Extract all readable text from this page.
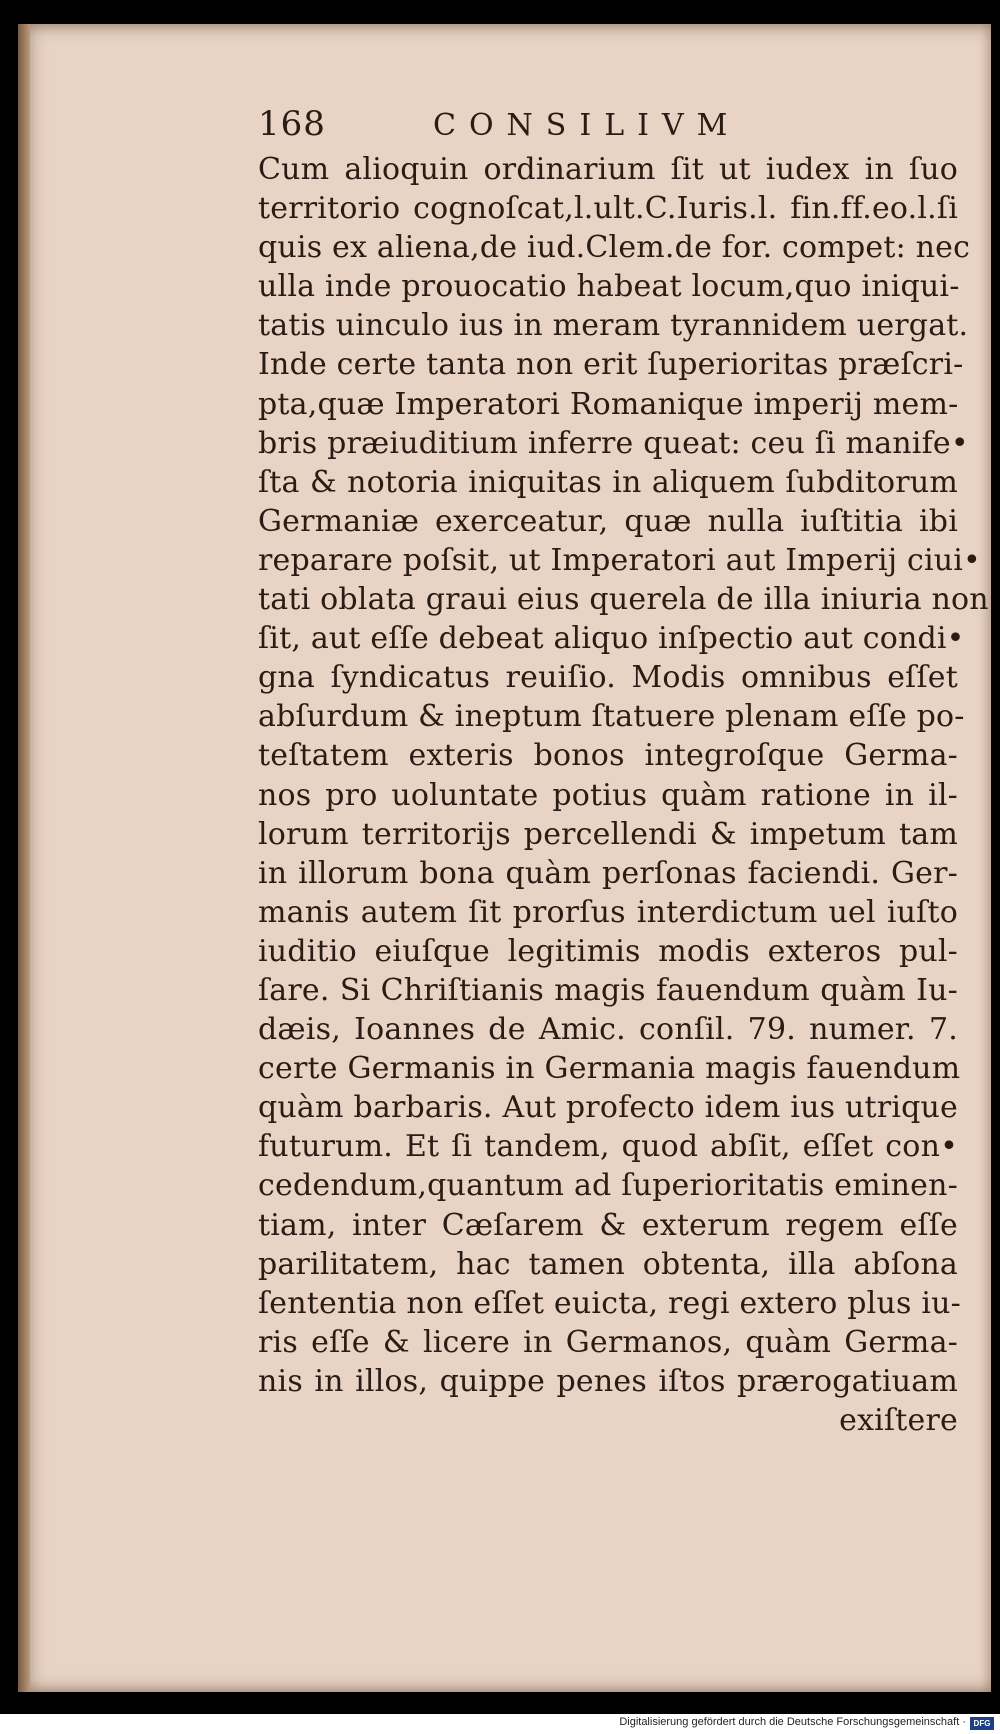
168	CONSILIVM
Cum alioquin ordinarium ſit ut iudex in ſuo
territorio cognoſcat,l.ult.C.Iuris.l. fin.ff.eo.l.ſi
quis ex aliena,de iud.Clem.de for. compet: nec
ulla inde prouocatio habeat locum,quo iniqui-
tatis uinculo ius in meram tyrannidem uergat.
Inde certe tanta non erit ſuperioritas præſcri-
pta,quæ Imperatori Romanique imperij mem-
bris præiuditium inferre queat: ceu ſi manife•
ſta & notoria iniquitas in aliquem ſubditorum
Germaniæ exerceatur, quæ nulla iuſtitia ibi
reparare poſsit, ut Imperatori aut Imperij ciui•
tati oblata graui eius querela de illa iniuria non
ſit, aut eſſe debeat aliquo inſpectio aut condi•
gna ſyndicatus reuiſio. Modis omnibus eſſet
abſurdum & ineptum ſtatuere plenam eſſe po-
teſtatem exteris bonos integroſque Germa-
nos pro uoluntate potius quàm ratione in il-
lorum territorijs percellendi & impetum tam
in illorum bona quàm perſonas faciendi. Ger-
manis autem ſit prorſus interdictum uel iuſto
iuditio eiuſque legitimis modis exteros pul-
ſare. Si Chriſtianis magis fauendum quàm Iu-
dæis, Ioannes de Amic. conſil. 79. numer. 7.
certe Germanis in Germania magis fauendum
quàm barbaris. Aut profecto idem ius utrique
futurum. Et ſi tandem, quod abſit, eſſet con•
cedendum,quantum ad ſuperioritatis eminen-
tiam, inter Cæſarem & exterum regem eſſe
parilitatem, hac tamen obtenta, illa abſona
ſententia non eſſet euicta, regi extero plus iu-
ris eſſe & licere in Germanos, quàm Germa-
nis in illos, quippe penes iſtos prærogatiuam
exiſtere
Digitalisierung gefördert durch die Deutsche Forschungsgemeinschaft · DFG
